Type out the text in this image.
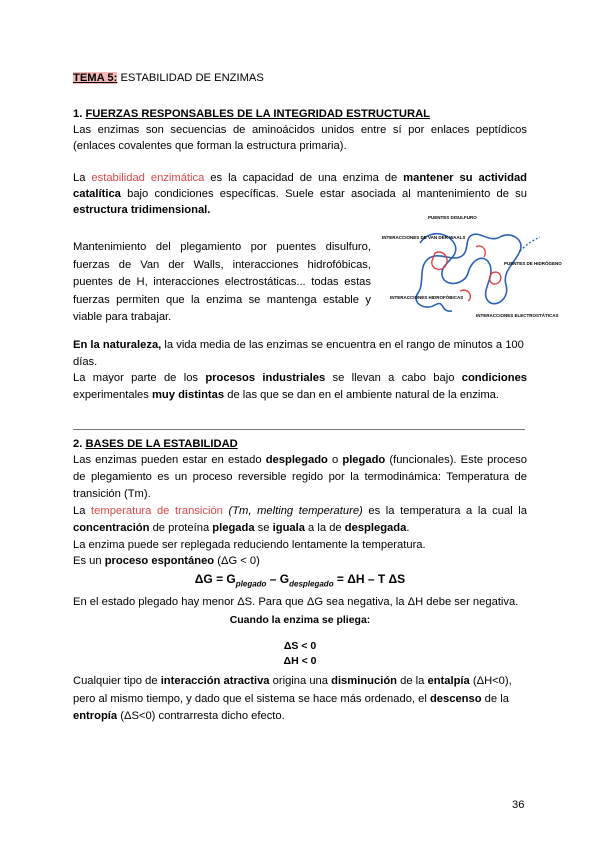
TEMA 5: ESTABILIDAD DE ENZIMAS
1. FUERZAS RESPONSABLES DE LA INTEGRIDAD ESTRUCTURAL
Las enzimas son secuencias de aminoácidos unidos entre sí por enlaces peptídicos (enlaces covalentes que forman la estructura primaria).
La estabilidad enzimática es la capacidad de una enzima de mantener su actividad catalítica bajo condiciones específicas. Suele estar asociada al mantenimiento de su estructura tridimensional.
Mantenimiento del plegamiento por puentes disulfuro, fuerzas de Van der Walls, interacciones hidrofóbicas, puentes de H, interacciones electrostáticas... todas estas fuerzas permiten que la enzima se mantenga estable y viable para trabajar.
INTERACCIONES DE VAN DER WAALS
PUENTES DISULFURO
PUENTES DE HIDRÓGENO
INTERACCIONES HIDROFÓBICAS
INTERACCIONES ELECTROSTÁTICAS
En la naturaleza, la vida media de las enzimas se encuentra en el rango de minutos a 100 días.
La mayor parte de los procesos industriales se llevan a cabo bajo condiciones experimentales muy distintas de las que se dan en el ambiente natural de la enzima.
2. BASES DE LA ESTABILIDAD
Las enzimas pueden estar en estado desplegado o plegado (funcionales). Este proceso de plegamiento es un proceso reversible regido por la termodinámica: Temperatura de transición (Tm).
La temperatura de transición (Tm, melting temperature) es la temperatura a la cual la concentración de proteína plegada se iguala a la de desplegada.
La enzima puede ser replegada reduciendo lentamente la temperatura.
Es un proceso espontáneo (ΔG < 0)
$\Delta G = G_{plegado} - G_{desplegado} = \Delta H - T$ ΔS
En el estado plegado hay menor ΔS. Para que ΔG sea negativa, la ΔH debe ser negativa.
Cuando la enzima se pliega:
ΔS < 0
ΔH < 0
Cualquier tipo de interacción atractiva origina una disminución de la entalpía (ΔH<0), pero al mismo tiempo, y dado que el sistema se hace más ordenado, el descenso de la entropía (ΔS<0) contrarresta dicho efecto.
36
